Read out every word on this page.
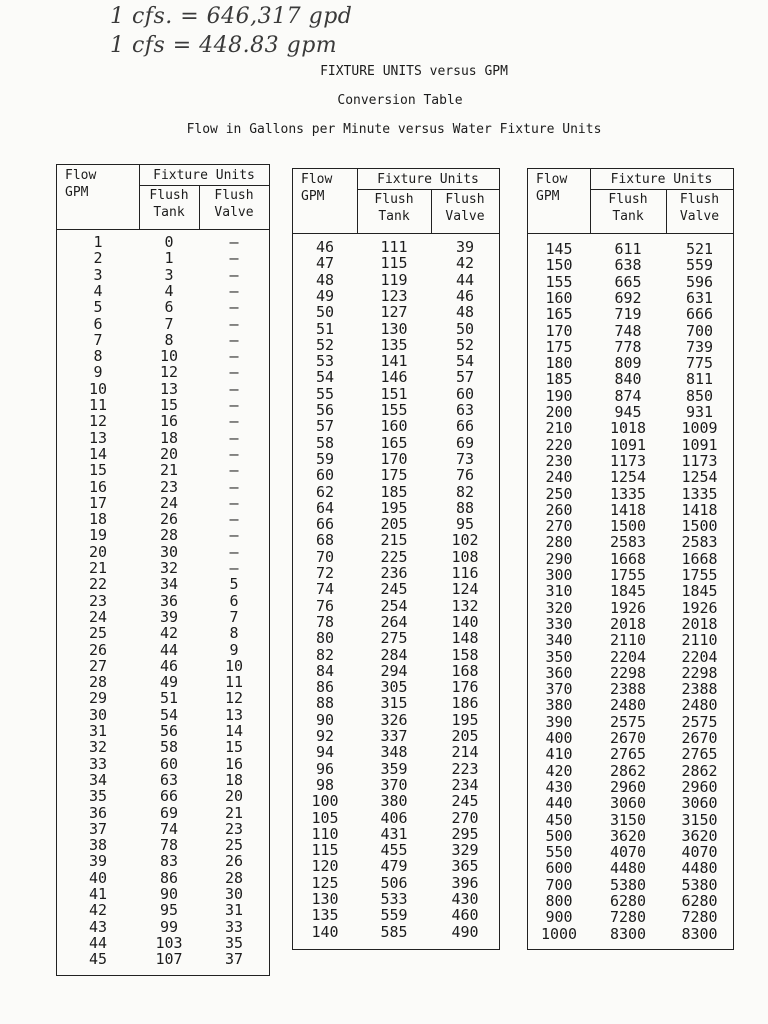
1 cfs. = 646,317 gpd
1 cfs = 448.83 gpm
FIXTURE UNITS versus GPM
Conversion Table
Flow in Gallons per Minute versus Water Fixture Units
Flow
GPM
Fixture Units
Flush
Tank
Flush
Valve
1	0	—
2	1	—
3	3	—
4	4	—
5	6	—
6	7	—
7	8	—
8	10	—
9	12	—
10	13	—
11	15	—
12	16	—
13	18	—
14	20	—
15	21	—
16	23	—
17	24	—
18	26	—
19	28	—
20	30	—
21	32	—
22	34	5
23	36	6
24	39	7
25	42	8
26	44	9
27	46	10
28	49	11
29	51	12
30	54	13
31	56	14
32	58	15
33	60	16
34	63	18
35	66	20
36	69	21
37	74	23
38	78	25
39	83	26
40	86	28
41	90	30
42	95	31
43	99	33
44	103	35
45	107	37
Flow
GPM
Fixture Units
Flush
Tank
Flush
Valve
46	111	39
47	115	42
48	119	44
49	123	46
50	127	48
51	130	50
52	135	52
53	141	54
54	146	57
55	151	60
56	155	63
57	160	66
58	165	69
59	170	73
60	175	76
62	185	82
64	195	88
66	205	95
68	215	102
70	225	108
72	236	116
74	245	124
76	254	132
78	264	140
80	275	148
82	284	158
84	294	168
86	305	176
88	315	186
90	326	195
92	337	205
94	348	214
96	359	223
98	370	234
100	380	245
105	406	270
110	431	295
115	455	329
120	479	365
125	506	396
130	533	430
135	559	460
140	585	490
Flow
GPM
Fixture Units
Flush
Tank
Flush
Valve
145	611	521
150	638	559
155	665	596
160	692	631
165	719	666
170	748	700
175	778	739
180	809	775
185	840	811
190	874	850
200	945	931
210	1018	1009
220	1091	1091
230	1173	1173
240	1254	1254
250	1335	1335
260	1418	1418
270	1500	1500
280	2583	2583
290	1668	1668
300	1755	1755
310	1845	1845
320	1926	1926
330	2018	2018
340	2110	2110
350	2204	2204
360	2298	2298
370	2388	2388
380	2480	2480
390	2575	2575
400	2670	2670
410	2765	2765
420	2862	2862
430	2960	2960
440	3060	3060
450	3150	3150
500	3620	3620
550	4070	4070
600	4480	4480
700	5380	5380
800	6280	6280
900	7280	7280
1000	8300	8300
